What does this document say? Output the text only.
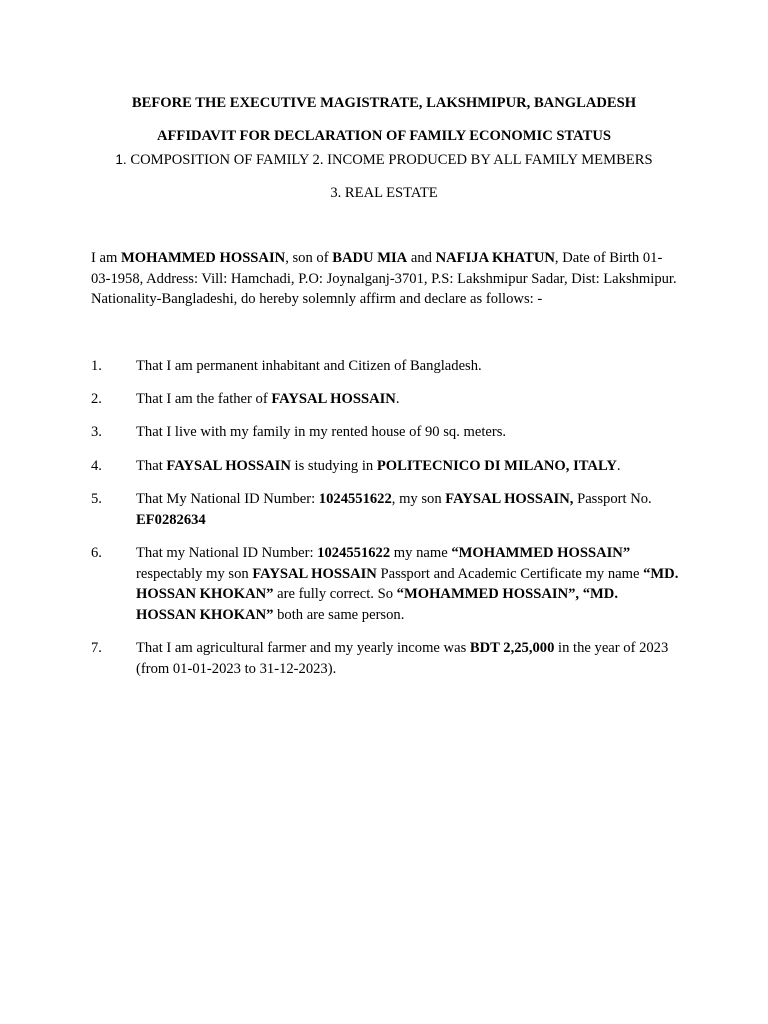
BEFORE THE EXECUTIVE MAGISTRATE, LAKSHMIPUR, BANGLADESH
AFFIDAVIT FOR DECLARATION OF FAMILY ECONOMIC STATUS
1. COMPOSITION OF FAMILY 2. INCOME PRODUCED BY ALL FAMILY MEMBERS
3. REAL ESTATE

I am MOHAMMED HOSSAIN, son of BADU MIA and NAFIJA KHATUN, Date of Birth 01-03-1958, Address: Vill: Hamchadi, P.O: Joynalganj-3701, P.S: Lakshmipur Sadar, Dist: Lakshmipur. Nationality-Bangladeshi, do hereby solemnly affirm and declare as follows: -

1.	That I am permanent inhabitant and Citizen of Bangladesh.
2.	That I am the father of FAYSAL HOSSAIN.
3.	That I live with my family in my rented house of 90 sq. meters.
4.	That FAYSAL HOSSAIN is studying in POLITECNICO DI MILANO, ITALY.
5.	That My National ID Number: 1024551622, my son FAYSAL HOSSAIN, Passport No. EF0282634
6.	That my National ID Number: 1024551622 my name “MOHAMMED HOSSAIN” respectably my son FAYSAL HOSSAIN Passport and Academic Certificate my name “MD. HOSSAN KHOKAN” are fully correct. So “MOHAMMED HOSSAIN”, “MD. HOSSAN KHOKAN” both are same person.
7.	That I am agricultural farmer and my yearly income was BDT 2,25,000 in the year of 2023 (from 01-01-2023 to 31-12-2023).
